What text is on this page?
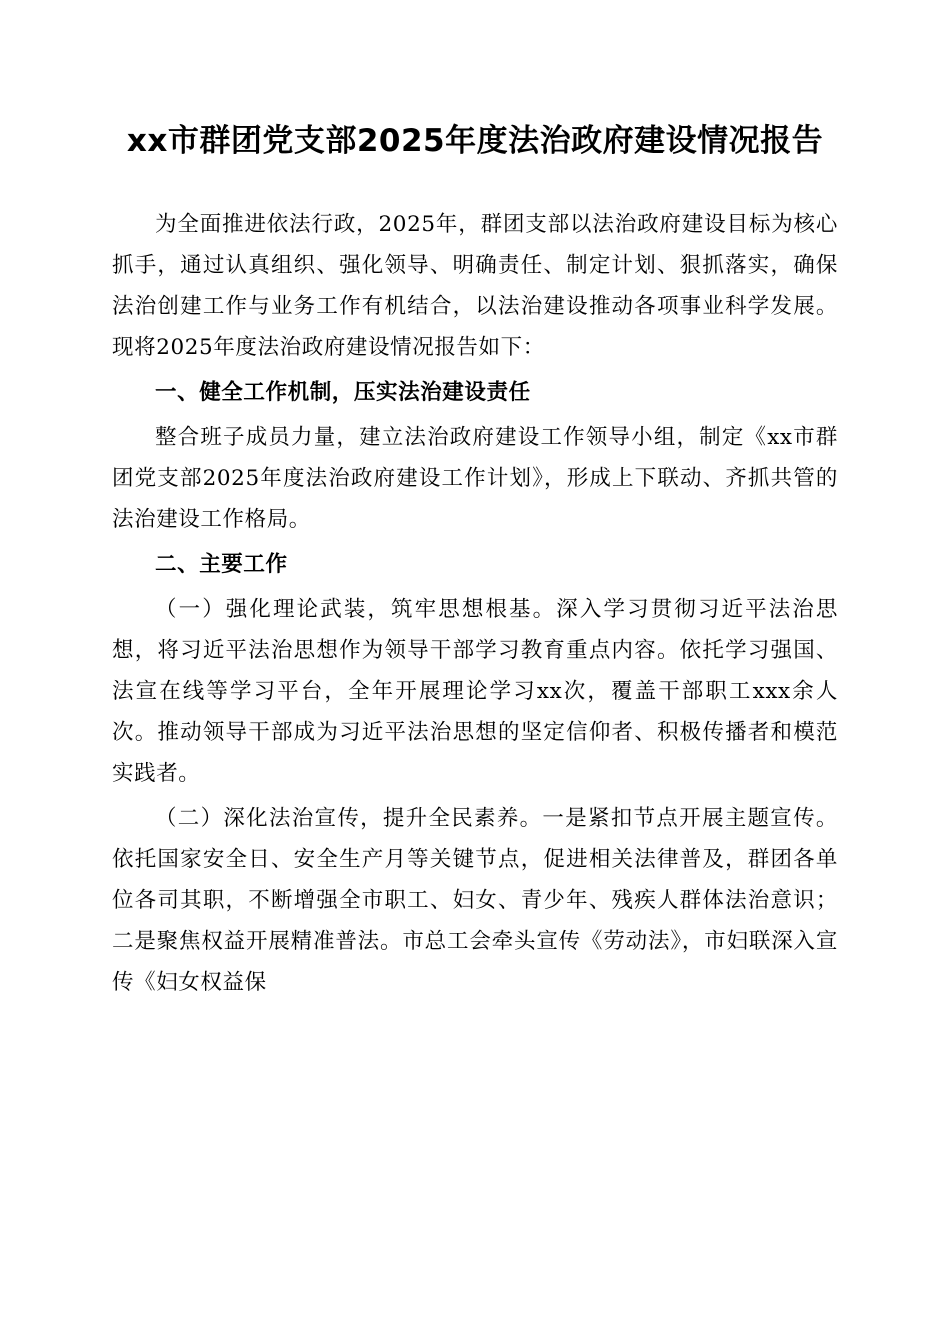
xx市群团党支部2025年度法治政府建设情况报告

为全面推进依法行政，2025年，群团支部以法治政府建设目标为核心抓手，通过认真组织、强化领导、明确责任、制定计划、狠抓落实，确保法治创建工作与业务工作有机结合，以法治建设推动各项事业科学发展。现将2025年度法治政府建设情况报告如下：

一、健全工作机制，压实法治建设责任

整合班子成员力量，建立法治政府建设工作领导小组，制定《xx市群团党支部2025年度法治政府建设工作计划》，形成上下联动、齐抓共管的法治建设工作格局。

二、主要工作

（一）强化理论武装，筑牢思想根基。深入学习贯彻习近平法治思想，将习近平法治思想作为领导干部学习教育重点内容。依托学习强国、法宣在线等学习平台，全年开展理论学习xx次，覆盖干部职工xxx余人次。推动领导干部成为习近平法治思想的坚定信仰者、积极传播者和模范实践者。

（二）深化法治宣传，提升全民素养。一是紧扣节点开展主题宣传。依托国家安全日、安全生产月等关键节点，促进相关法律普及，群团各单位各司其职，不断增强全市职工、妇女、青少年、残疾人群体法治意识；二是聚焦权益开展精准普法。市总工会牵头宣传《劳动法》，市妇联深入宣传《妇女权益保
